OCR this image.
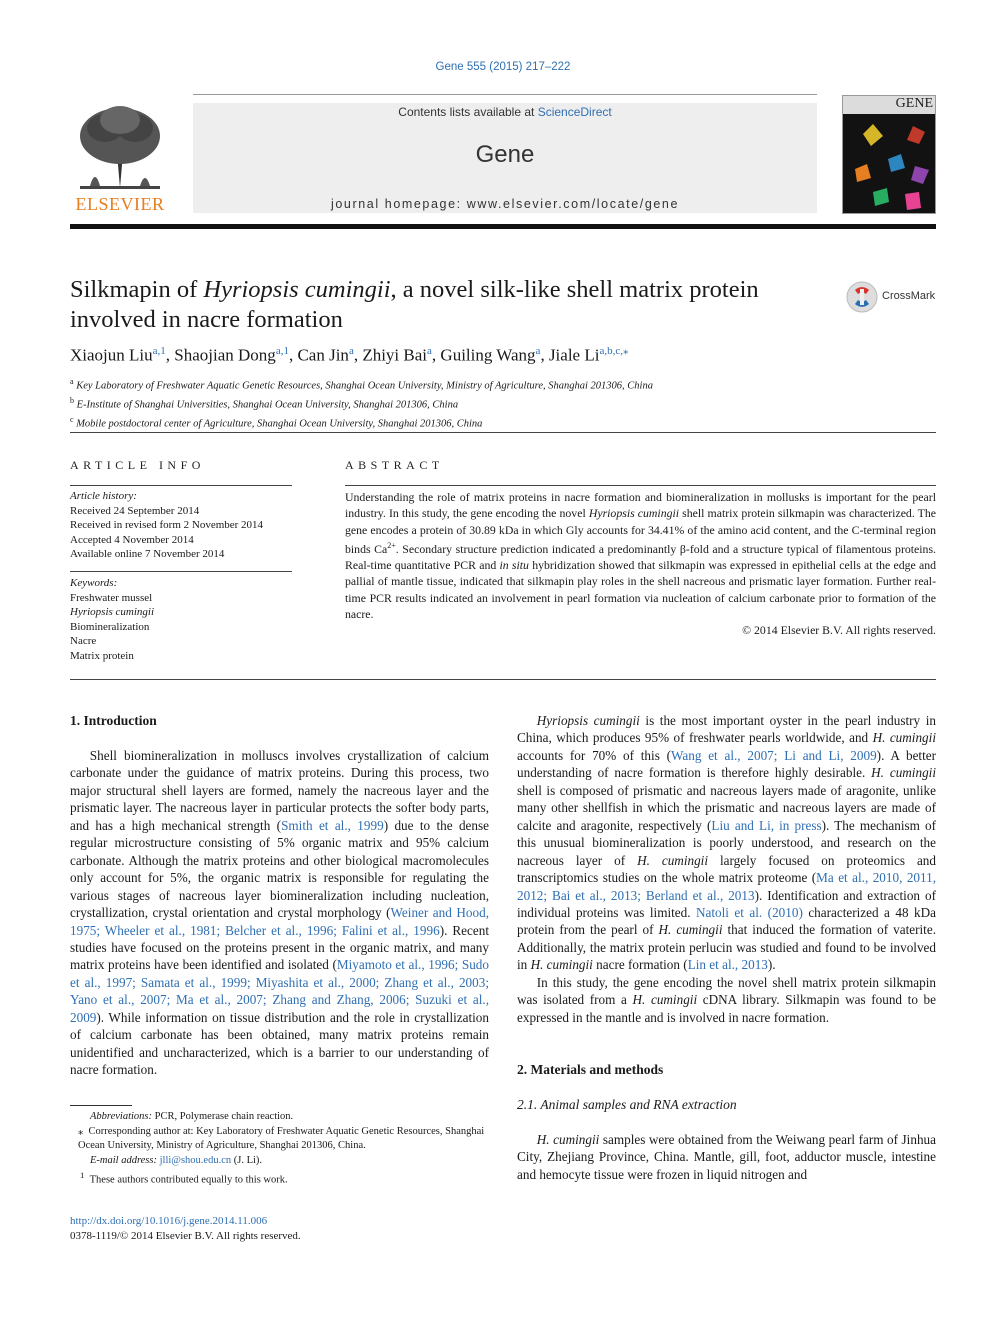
Gene 555 (2015) 217–222
ELSEVIER
Contents lists available at ScienceDirect
Gene
journal homepage: www.elsevier.com/locate/gene
GENE
Silkmapin of Hyriopsis cumingii, a novel silk-like shell matrix protein
involved in nacre formation
CrossMark
Xiaojun Liu$^{a,1}$, Shaojian Dong$^{a,1}$, Can Jin$^a$, Zhiyi Bai$^a$, Guiling Wang$^a$, Jiale $Li^{a,b,c,⁎}$
$^a$ Key Laboratory of Freshwater Aquatic Genetic Resources, Shanghai Ocean University, Ministry of Agriculture, Shanghai 201306, China
$^b$ E-Institute of Shanghai Universities, Shanghai Ocean University, Shanghai 201306, China
$^c$ Mobile postdoctoral center of Agriculture, Shanghai Ocean University, Shanghai 201306, China
ARTICLE INFO
Article history:
Received 24 September 2014
Received in revised form 2 November 2014
Accepted 4 November 2014
Available online 7 November 2014
Keywords:
Freshwater mussel
Hyriopsis cumingii
Biomineralization
Nacre
Matrix protein
ABSTRACT
Understanding the role of matrix proteins in nacre formation and biomineralization in mollusks is important for the pearl industry. In this study, the gene encoding the novel Hyriopsis cumingii shell matrix protein silkmapin was characterized. The gene encodes a protein of 30.89 kDa in which Gly accounts for 34.41% of the amino acid content, and the C-terminal region binds $Ca^{2+}$. Secondary structure prediction indicated a predominantly β-fold and a structure typical of filamentous proteins. Real-time quantitative PCR and in situ hybridization showed that silkmapin was expressed in epithelial cells at the edge and pallial of mantle tissue, indicated that silkmapin play roles in the shell nacreous and prismatic layer formation. Further real-time PCR results indicated an involvement in pearl formation via nucleation of calcium carbonate prior to formation of the nacre.
© 2014 Elsevier B.V. All rights reserved.
1. Introduction
  Shell biomineralization in molluscs involves crystallization of calcium carbonate under the guidance of matrix proteins. During this process, two major structural shell layers are formed, namely the nacreous layer and the prismatic layer. The nacreous layer in particular protects the softer body parts, and has a high mechanical strength (Smith et al., 1999) due to the dense regular microstructure consisting of 5% organic matrix and 95% calcium carbonate. Although the matrix proteins and other biological macromolecules only account for 5%, the organic matrix is responsible for regulating the various stages of nacreous layer biomineralization including nucleation, crystallization, crystal orientation and crystal morphology (Weiner and Hood, 1975; Wheeler et al., 1981; Belcher et al., 1996; Falini et al., 1996). Recent studies have focused on the proteins present in the organic matrix, and many matrix proteins have been identified and isolated (Miyamoto et al., 1996; Sudo et al., 1997; Samata et al., 1999; Miyashita et al., 2000; Zhang et al., 2003; Yano et al., 2007; Ma et al., 2007; Zhang and Zhang, 2006; Suzuki et al., 2009). While information on tissue distribution and the role in crystallization of calcium carbonate has been obtained, many matrix proteins remain unidentified and uncharacterized, which is a barrier to our understanding of nacre formation.
Abbreviations: PCR, Polymerase chain reaction.
⁎  Corresponding author at: Key Laboratory of Freshwater Aquatic Genetic Resources, Shanghai Ocean University, Ministry of Agriculture, Shanghai 201306, China.
E-mail address: jlli@shou.edu.cn (J. Li).
$^1$  These authors contributed equally to this work.
http://dx.doi.org/10.1016/j.gene.2014.11.006
0378-1119/© 2014 Elsevier B.V. All rights reserved.
  Hyriopsis cumingii is the most important oyster in the pearl industry in China, which produces 95% of freshwater pearls worldwide, and H. cumingii accounts for 70% of this (Wang et al., 2007; Li and Li, 2009). A better understanding of nacre formation is therefore highly desirable. H. cumingii shell is composed of prismatic and nacreous layers made of aragonite, unlike many other shellfish in which the prismatic and nacreous layers are made of calcite and aragonite, respectively (Liu and Li, in press). The mechanism of this unusual biomineralization is poorly understood, and research on the nacreous layer of H. cumingii largely focused on proteomics and transcriptomics studies on the whole matrix proteome (Ma et al., 2010, 2011, 2012; Bai et al., 2013; Berland et al., 2013). Identification and extraction of individual proteins was limited. Natoli et al. (2010) characterized a 48 kDa protein from the pearl of H. cumingii that induced the formation of vaterite. Additionally, the matrix protein perlucin was studied and found to be involved in H. cumingii nacre formation (Lin et al., 2013).
  In this study, the gene encoding the novel shell matrix protein silkmapin was isolated from a H. cumingii cDNA library. Silkmapin was found to be expressed in the mantle and is involved in nacre formation.
2. Materials and methods
2.1. Animal samples and RNA extraction
  H. cumingii samples were obtained from the Weiwang pearl farm of Jinhua City, Zhejiang Province, China. Mantle, gill, foot, adductor muscle, intestine and hemocyte tissue were frozen in liquid nitrogen and
